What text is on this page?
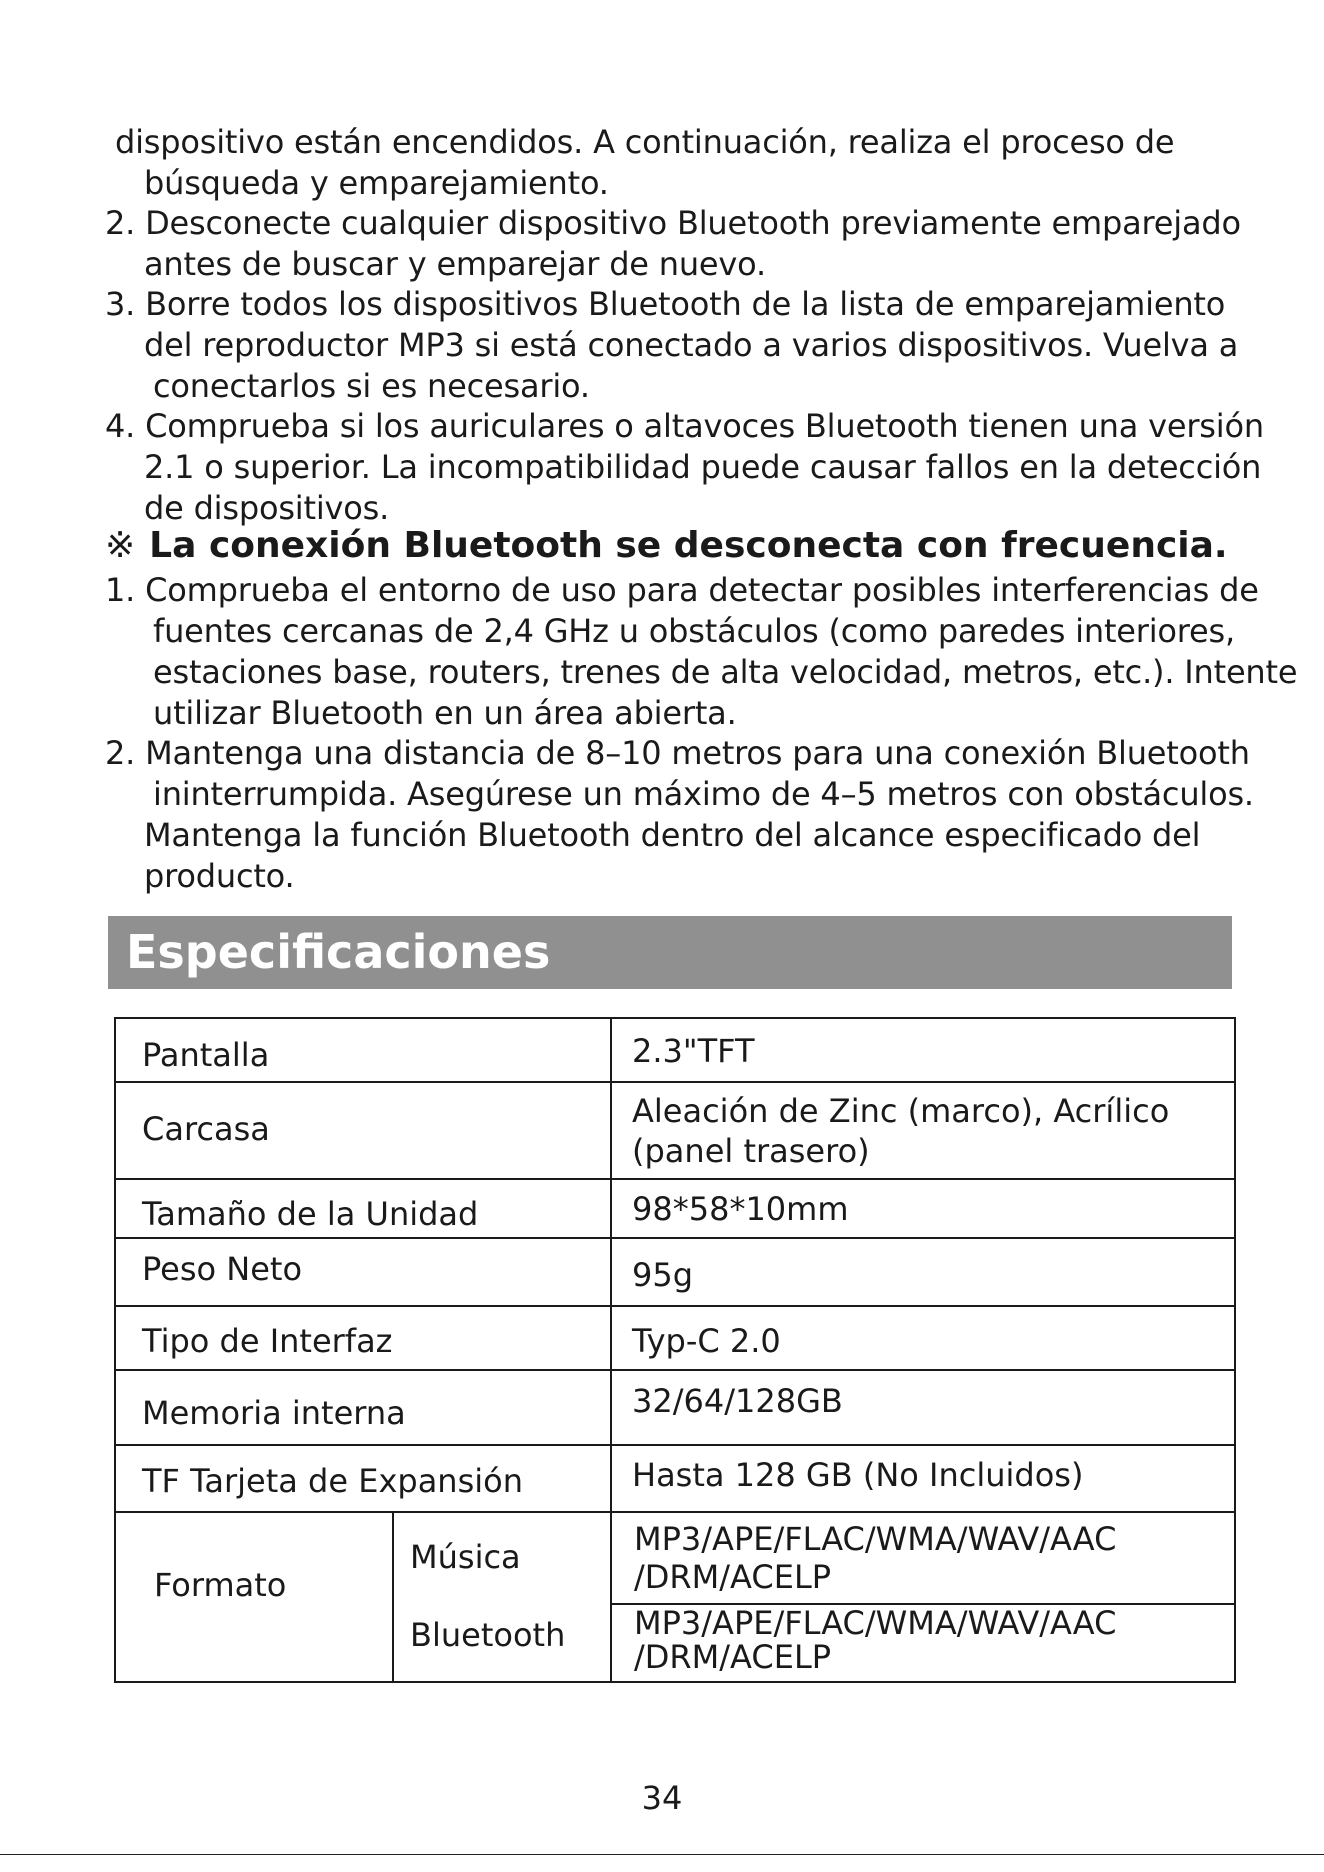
dispositivo están encendidos. A continuación, realiza el proceso de
búsqueda y emparejamiento.
2. Desconecte cualquier dispositivo Bluetooth previamente emparejado
antes de buscar y emparejar de nuevo.
3. Borre todos los dispositivos Bluetooth de la lista de emparejamiento
del reproductor MP3 si está conectado a varios dispositivos. Vuelva a
conectarlos si es necesario.
4. Comprueba si los auriculares o altavoces Bluetooth tienen una versión
2.1 o superior. La incompatibilidad puede causar fallos en la detección
de dispositivos.
※ La conexión Bluetooth se desconecta con frecuencia.
1. Comprueba el entorno de uso para detectar posibles interferencias de
fuentes cercanas de 2,4 GHz u obstáculos (como paredes interiores,
estaciones base, routers, trenes de alta velocidad, metros, etc.). Intente
utilizar Bluetooth en un área abierta.
2. Mantenga una distancia de 8–10 metros para una conexión Bluetooth
ininterrumpida. Asegúrese un máximo de 4–5 metros con obstáculos.
Mantenga la función Bluetooth dentro del alcance especificado del
producto.
Especificaciones
Pantalla	2.3"TFT
Carcasa	Aleación de Zinc (marco), Acrílico
(panel trasero)
Tamaño de la Unidad	98*58*10mm
Peso Neto	95g
Tipo de Interfaz	Typ-C 2.0
Memoria interna	32/64/128GB
TF Tarjeta de Expansión	Hasta 128 GB (No Incluidos)
Formato
Música	MP3/APE/FLAC/WMA/WAV/AAC
/DRM/ACELP
Bluetooth MP3/APE/FLAC/WMA/WAV/AAC
/DRM/ACELP
34
